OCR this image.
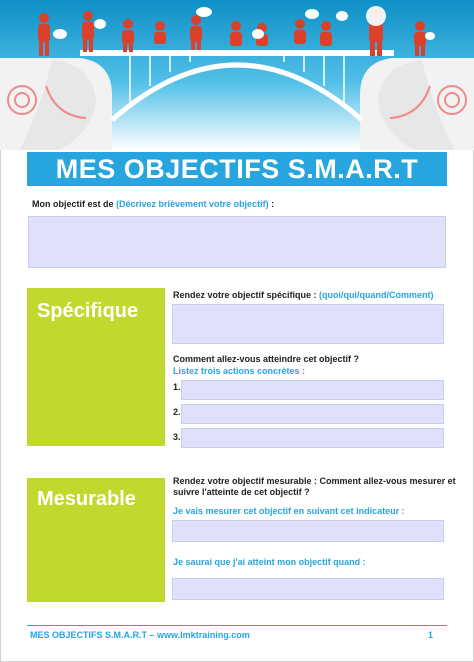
MES OBJECTIFS S.M.A.R.T
Mon objectif est de (Décrivez brièvement votre objectif) :
Spécifique
Rendez votre objectif spécifique : (quoi/qui/quand/Comment)
Comment allez-vous atteindre cet objectif ?
Listez trois actions concrètes :
1.
2.
3.
Mesurable
Rendez votre objectif mesurable : Comment allez-vous mesurer et
suivre l'atteinte de cet objectif ?
Je vais mesurer cet objectif en suivant cet indicateur :
Je saurai que j'ai atteint mon objectif quand :
MES OBJECTIFS S.M.A.R.T – www.lmktraining.com	1
